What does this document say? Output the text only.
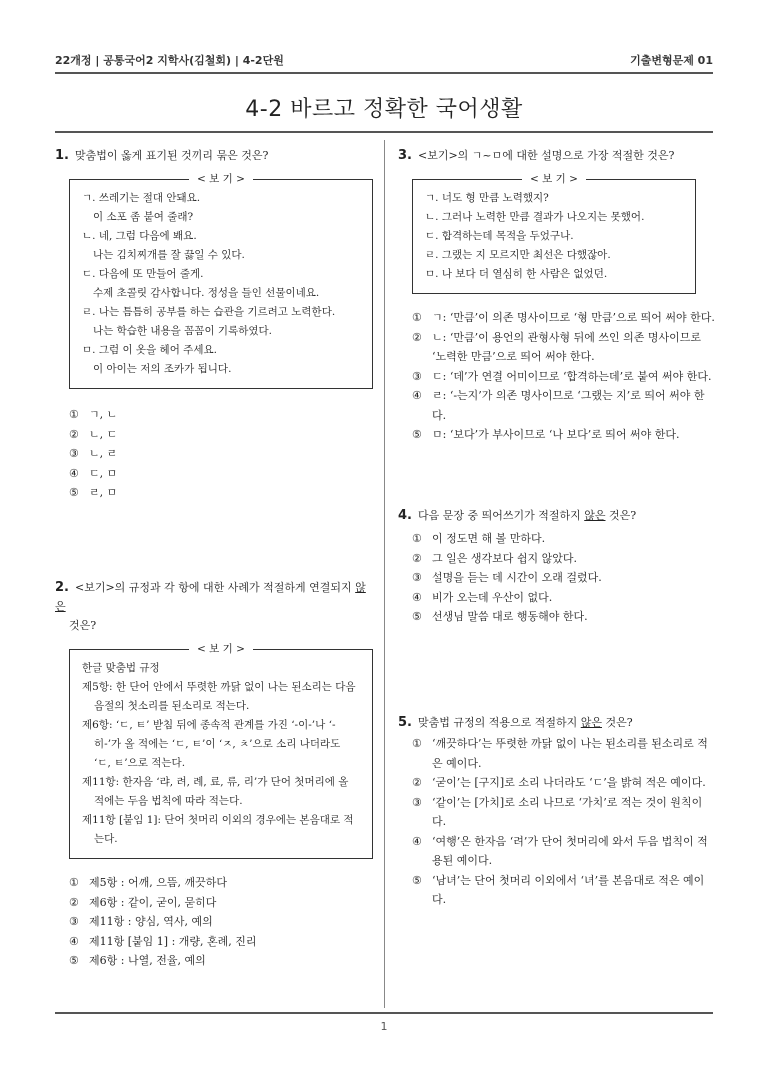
22개정 | 공통국어2 지학사(김철회) | 4-2단원	기출변형문제 01
4-2 바르고 정확한 국어생활

1. 맞춤법이 옳게 표기된 것끼리 묶은 것은?

< 보 기 >
ㄱ. 쓰레기는 절대 안돼요.
이 소포 좀 붙여 줄래?
ㄴ. 네, 그럼 다음에 봬요.
나는 김치찌개를 잘 끓일 수 있다.
ㄷ. 다음에 또 만들어 줄게.
수제 초콜릿 감사합니다. 정성을 들인 선물이네요.
ㄹ. 나는 틈틈히 공부를 하는 습관을 기르려고 노력한다.
나는 학습한 내용을 꼼꼼이 기록하였다.
ㅁ. 그럼 이 옷을 헤어 주세요.
이 아이는 저의 조카가 됩니다.
① ㄱ, ㄴ
② ㄴ, ㄷ
③ ㄴ, ㄹ
④ ㄷ, ㅁ
⑤ ㄹ, ㅁ

2. <보기>의 규정과 각 항에 대한 사례가 적절하게 연결되지 않은
것은?

< 보 기 >
한글 맞춤법 규정
제5항: 한 단어 안에서 뚜렷한 까닭 없이 나는 된소리는 다음 음절의 첫소리를 된소리로 적는다.
제6항: ‘ㄷ, ㅌ’ 받침 뒤에 종속적 관계를 가진 ‘-이-’나 ‘-히-’가 올 적에는 ‘ㄷ, ㅌ’이 ‘ㅈ, ㅊ’으로 소리 나더라도 ‘ㄷ, ㅌ’으로 적는다.
제11항: 한자음 ‘랴, 려, 례, 료, 류, 리’가 단어 첫머리에 올 적에는 두음 법칙에 따라 적는다.
제11항 [붙임 1]: 단어 첫머리 이외의 경우에는 본음대로 적는다.
① 제5항 : 어깨, 으뜸, 깨끗하다
② 제6항 : 같이, 굳이, 묻히다
③ 제11항 : 양심, 역사, 예의
④ 제11항 [붙임 1] : 개량, 혼례, 진리
⑤ 제6항 : 나열, 전율, 예의

3. <보기>의 ㄱ~ㅁ에 대한 설명으로 가장 적절한 것은?

< 보 기 >
ㄱ. 너도 형 만큼 노력했지?
ㄴ. 그러나 노력한 만큼 결과가 나오지는 못했어.
ㄷ. 합격하는데 목적을 두었구나.
ㄹ. 그랬는 지 모르지만 최선은 다했잖아.
ㅁ. 나 보다 더 열심히 한 사람은 없었던.
① ㄱ: ‘만큼’이 의존 명사이므로 ‘형 만큼’으로 띄어 써야 한다.
② ㄴ: ‘만큼’이 용언의 관형사형 뒤에 쓰인 의존 명사이므로 ‘노력한 만큼’으로 띄어 써야 한다.
③ ㄷ: ‘데’가 연결 어미이므로 ‘합격하는데’로 붙여 써야 한다.
④ ㄹ: ‘-는지’가 의존 명사이므로 ‘그랬는 지’로 띄어 써야 한다.
⑤ ㅁ: ‘보다’가 부사이므로 ‘나 보다’로 띄어 써야 한다.

4. 다음 문장 중 띄어쓰기가 적절하지 않은 것은?

① 이 정도면 해 볼 만하다.
② 그 일은 생각보다 쉽지 않았다.
③ 설명을 듣는 데 시간이 오래 걸렸다.
④ 비가 오는데 우산이 없다.
⑤ 선생님 말씀 대로 행동해야 한다.

5. 맞춤법 규정의 적용으로 적절하지 않은 것은?

① ‘깨끗하다’는 뚜렷한 까닭 없이 나는 된소리를 된소리로 적은 예이다.
② ‘굳이’는 [구지]로 소리 나더라도 ‘ㄷ’을 밝혀 적은 예이다.
③ ‘같이’는 [가치]로 소리 나므로 ‘가치’로 적는 것이 원칙이다.
④ ‘여행’은 한자음 ‘려’가 단어 첫머리에 와서 두음 법칙이 적용된 예이다.
⑤ ‘남녀’는 단어 첫머리 이외에서 ‘녀’를 본음대로 적은 예이다.
1
